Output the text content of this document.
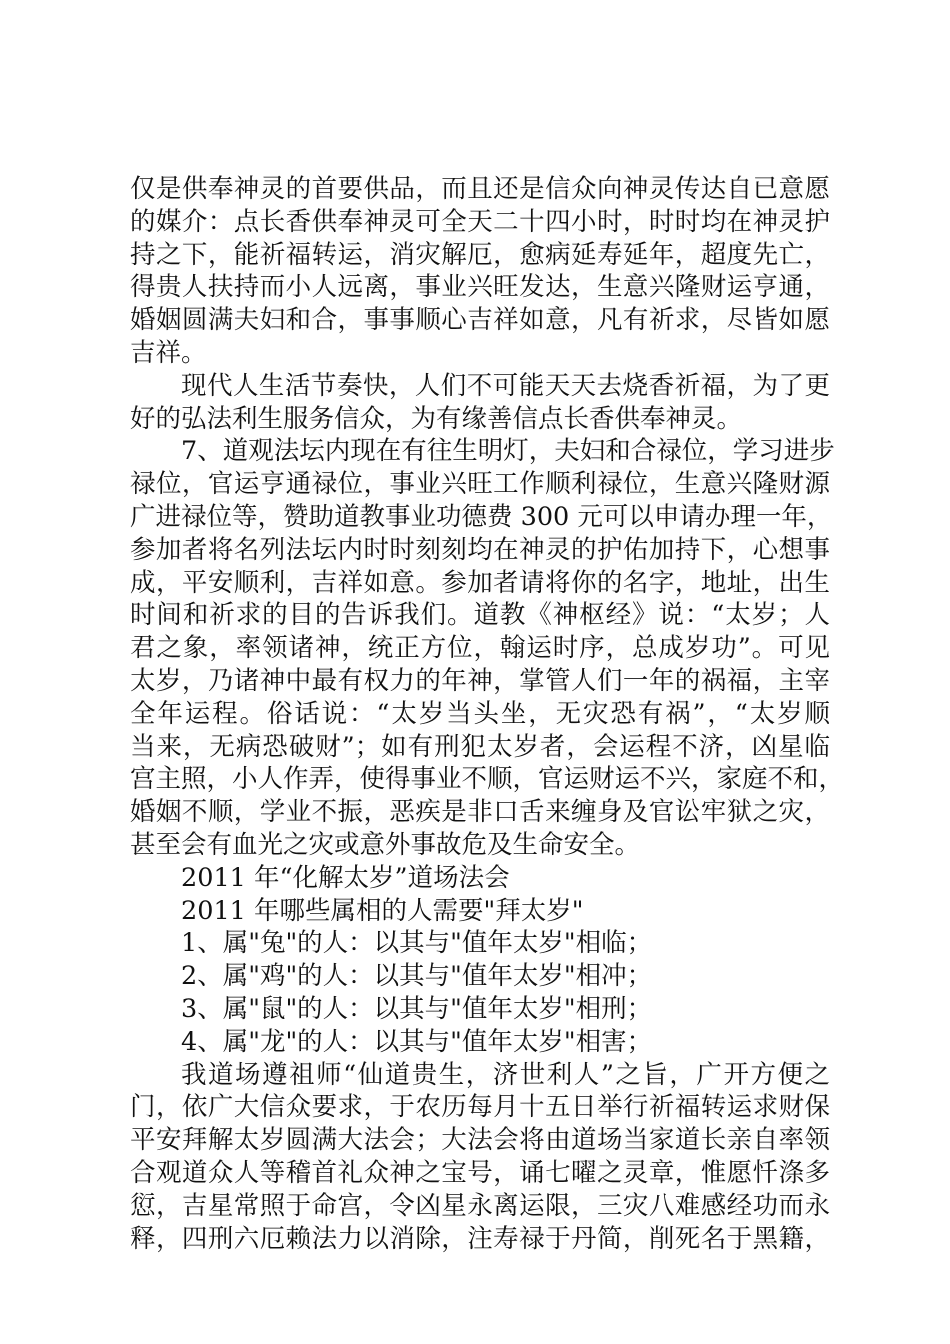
仅是供奉神灵的首要供品，而且还是信众向神灵传达自已意愿
的媒介：点长香供奉神灵可全天二十四小时，时时均在神灵护
持之下，能祈福转运，消灾解厄，愈病延寿延年，超度先亡，
得贵人扶持而小人远离，事业兴旺发达，生意兴隆财运亨通，
婚姻圆满夫妇和合，事事顺心吉祥如意，凡有祈求，尽皆如愿
吉祥。
现代人生活节奏快，人们不可能天天去烧香祈福，为了更
好的弘法利生服务信众，为有缘善信点长香供奉神灵。
7、道观法坛内现在有往生明灯，夫妇和合禄位，学习进步
禄位，官运亨通禄位，事业兴旺工作顺利禄位，生意兴隆财源
广进禄位等，赞助道教事业功德费 300 元可以申请办理一年，
参加者将名列法坛内时时刻刻均在神灵的护佑加持下，心想事
成，平安顺利，吉祥如意。参加者请将你的名字，地址，出生
时间和祈求的目的告诉我们。道教《神枢经》说：“太岁；人
君之象，率领诸神，统正方位，翰运时序，总成岁功”。可见
太岁，乃诸神中最有权力的年神，掌管人们一年的祸福，主宰
全年运程。俗话说：“太岁当头坐，无灾恐有祸”，“太岁顺
当来，无病恐破财”；如有刑犯太岁者，会运程不济，凶星临
宫主照，小人作弄，使得事业不顺，官运财运不兴，家庭不和，
婚姻不顺，学业不振，恶疾是非口舌来缠身及官讼牢狱之灾，
甚至会有血光之灾或意外事故危及生命安全。
2011 年“化解太岁”道场法会
2011 年哪些属相的人需要"拜太岁"
1、属"兔"的人：以其与"值年太岁"相临；
2、属"鸡"的人：以其与"值年太岁"相冲；
3、属"鼠"的人：以其与"值年太岁"相刑；
4、属"龙"的人：以其与"值年太岁"相害；
我道场遵祖师“仙道贵生，济世利人”之旨，广开方便之
门，依广大信众要求，于农历每月十五日举行祈福转运求财保
平安拜解太岁圆满大法会；大法会将由道场当家道长亲自率领
合观道众人等稽首礼众神之宝号，诵七曜之灵章，惟愿忏涤多
愆，吉星常照于命宫，令凶星永离运限，三灾八难感经功而永
释，四刑六厄赖法力以消除，注寿禄于丹简，削死名于黑籍，
